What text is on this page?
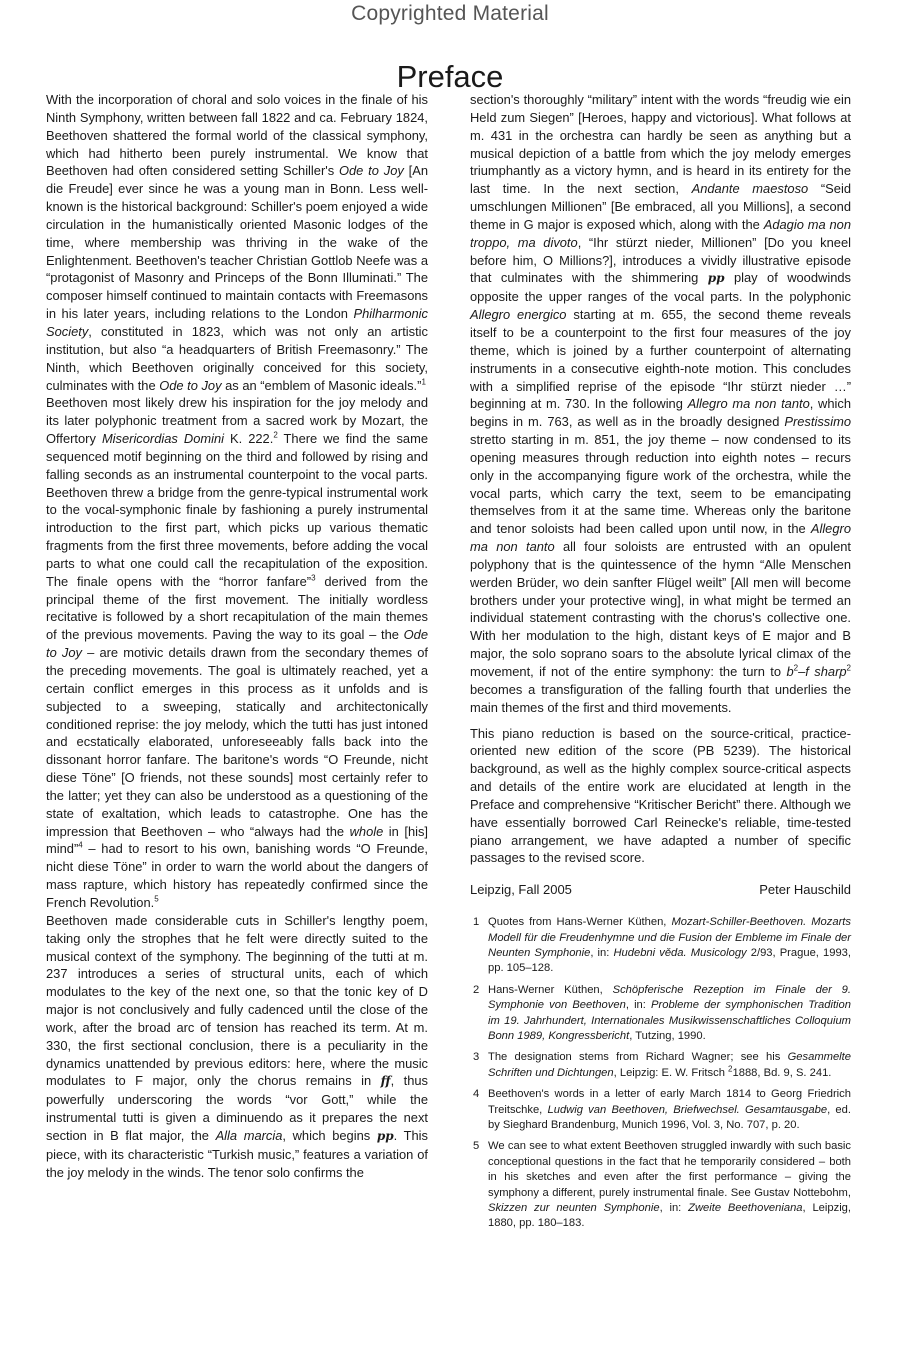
Copyrighted Material
Preface

With the incorporation of choral and solo voices in the finale of his Ninth Symphony, written between fall 1822 and ca. February 1824, Beethoven shattered the formal world of the classical symphony, which had hitherto been purely instrumental. We know that Beethoven had often considered setting Schiller's Ode to Joy [An die Freude] ever since he was a young man in Bonn. Less well-known is the historical background: Schiller's poem enjoyed a wide circulation in the humanistically oriented Masonic lodges of the time, where membership was thriving in the wake of the Enlightenment. Beethoven's teacher Christian Gottlob Neefe was a “protagonist of Masonry and Princeps of the Bonn Illuminati.” The composer himself continued to maintain contacts with Freemasons in his later years, including relations to the London Philharmonic Society, constituted in 1823, which was not only an artistic institution, but also “a headquarters of British Freemasonry.” The Ninth, which Beethoven originally conceived for this society, culminates with the Ode to Joy as an “emblem of Masonic ideals.”$^1$

Beethoven most likely drew his inspiration for the joy melody and its later polyphonic treatment from a sacred work by Mozart, the Offertory Misericordias Domini K. 222.$^2$ There we find the same sequenced motif beginning on the third and followed by rising and falling seconds as an instrumental counterpoint to the vocal parts. Beethoven threw a bridge from the genre-typical instrumental work to the vocal-symphonic finale by fashioning a purely instrumental introduction to the first part, which picks up various thematic fragments from the first three movements, before adding the vocal parts to what one could call the recapitulation of the exposition. The finale opens with the “horror fanfare”$^3$ derived from the principal theme of the first movement. The initially wordless recitative is followed by a short recapitulation of the main themes of the previous movements. Paving the way to its goal – the Ode to Joy – are motivic details drawn from the secondary themes of the preceding movements. The goal is ultimately reached, yet a certain conflict emerges in this process as it unfolds and is subjected to a sweeping, statically and architectonically conditioned reprise: the joy melody, which the tutti has just intoned and ecstatically elaborated, unforeseeably falls back into the dissonant horror fanfare. The baritone's words “O Freunde, nicht diese Töne” [O friends, not these sounds] most certainly refer to the latter; yet they can also be understood as a questioning of the state of exaltation, which leads to catastrophe. One has the impression that Beethoven – who “always had the whole in [his] mind”$^4$ – had to resort to his own, banishing words “O Freunde, nicht diese Töne” in order to warn the world about the dangers of mass rapture, which history has repeatedly confirmed since the French Revolution.$^5$

Beethoven made considerable cuts in Schiller's lengthy poem, taking only the strophes that he felt were directly suited to the musical context of the symphony. The beginning of the tutti at m. 237 introduces a series of structural units, each of which modulates to the key of the next one, so that the tonic key of D major is not conclusively and fully cadenced until the close of the work, after the broad arc of tension has reached its term. At m. 330, the first sectional conclusion, there is a peculiarity in the dynamics unattended by previous editors: here, where the music modulates to F major, only the chorus remains in ff, thus powerfully underscoring the words “vor Gott,” while the instrumental tutti is given a diminuendo as it prepares the next section in B flat major, the Alla marcia, which begins pp. This piece, with its characteristic “Turkish music,” features a variation of the joy melody in the winds. The tenor solo confirms the

section's thoroughly “military” intent with the words “freudig wie ein Held zum Siegen” [Heroes, happy and victorious]. What follows at m. 431 in the orchestra can hardly be seen as anything but a musical depiction of a battle from which the joy melody emerges triumphantly as a victory hymn, and is heard in its entirety for the last time. In the next section, Andante maestoso “Seid umschlungen Millionen” [Be embraced, all you Millions], a second theme in G major is exposed which, along with the Adagio ma non troppo, ma divoto, “Ihr stürzt nieder, Millionen” [Do you kneel before him, O Millions?], introduces a vividly illustrative episode that culminates with the shimmering pp play of woodwinds opposite the upper ranges of the vocal parts. In the polyphonic Allegro energico starting at m. 655, the second theme reveals itself to be a counterpoint to the first four measures of the joy theme, which is joined by a further counterpoint of alternating instruments in a consecutive eighth-note motion. This concludes with a simplified reprise of the episode “Ihr stürzt nieder …” beginning at m. 730. In the following Allegro ma non tanto, which begins in m. 763, as well as in the broadly designed Prestissimo stretto starting in m. 851, the joy theme – now condensed to its opening measures through reduction into eighth notes – recurs only in the accompanying figure work of the orchestra, while the vocal parts, which carry the text, seem to be emancipating themselves from it at the same time. Whereas only the baritone and tenor soloists had been called upon until now, in the Allegro ma non tanto all four soloists are entrusted with an opulent polyphony that is the quintessence of the hymn “Alle Menschen werden Brüder, wo dein sanfter Flügel weilt” [All men will become brothers under your protective wing], in what might be termed an individual statement contrasting with the chorus's collective one. With her modulation to the high, distant keys of E major and B major, the solo soprano soars to the absolute lyrical climax of the movement, if not of the entire symphony: the turn to $b^2-f$ sharp$^2$ becomes a transfiguration of the falling fourth that underlies the main themes of the first and third movements.

This piano reduction is based on the source-critical, practice-oriented new edition of the score (PB 5239). The historical background, as well as the highly complex source-critical aspects and details of the entire work are elucidated at length in the Preface and comprehensive “Kritischer Bericht” there. Although we have essentially borrowed Carl Reinecke's reliable, time-tested piano arrangement, we have adapted a number of specific passages to the revised score.

Leipzig, Fall 2005	Peter Hauschild
1 Quotes from Hans-Werner Küthen, Mozart-Schiller-Beethoven. Mozarts Modell für die Freudenhymne und die Fusion der Embleme im Finale der Neunten Symphonie, in: Hudebni věda. Musicology 2/93, Prague, 1993, pp. 105–128.
2 Hans-Werner Küthen, Schöpferische Rezeption im Finale der 9. Symphonie von Beethoven, in: Probleme der symphonischen Tradition im 19. Jahrhundert, Internationales Musikwissenschaftliches Colloquium Bonn 1989, Kongressbericht, Tutzing, 1990.
3 The designation stems from Richard Wagner; see his Gesammelte Schriften und Dichtungen, Leipzig: E. W. Fritsch $^2$1888, Bd. 9, S. 241.
4 Beethoven's words in a letter of early March 1814 to Georg Friedrich Treitschke, Ludwig van Beethoven, Briefwechsel. Gesamtausgabe, ed. by Sieghard Brandenburg, Munich 1996, Vol. 3, No. 707, p. 20.
5 We can see to what extent Beethoven struggled inwardly with such basic conceptional questions in the fact that he temporarily considered – both in his sketches and even after the first performance – giving the symphony a different, purely instrumental finale. See Gustav Nottebohm, Skizzen zur neunten Symphonie, in: Zweite Beethoveniana, Leipzig, 1880, pp. 180–183.
